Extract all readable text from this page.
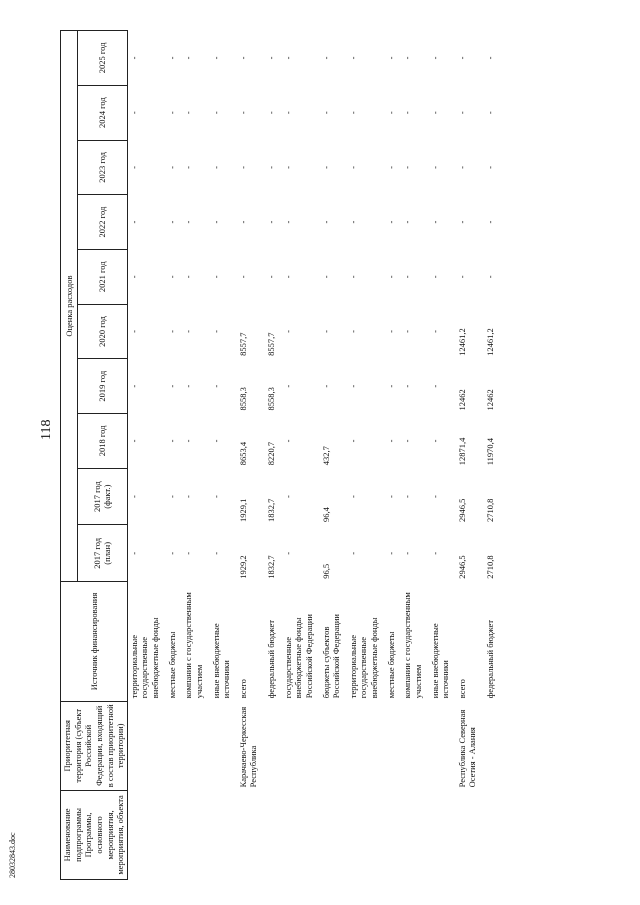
118
28032843.doc	Наименование подпрограммы Программы, основного мероприятия, мероприятия, объекта	Приоритетная территория (субъект Российской Федерации, входящий в состав приоритетной территории)	Источник финансирования	Оценка расходов									
			2017 год (план)	2017 год (факт.)	2018 год	2019 год	2020 год	2021 год	2022 год	2023 год	2024 год	2025 год
		территориальные государственные внебюджетные фонды	-	-	-	-	-	-	-	-	-	-
		местные бюджеты	-	-	-	-	-	-	-	-	-	-
		компании с государственным участием	-	-	-	-	-	-	-	-	-	-
		иные внебюджетные источники	-	-	-	-	-	-	-	-	-	-
	Карачаево-Черкесская Республика	всего	1929,2	1929,1	8653,4	8558,3	8557,7	-	-	-	-	-
		федеральный бюджет	1832,7	1832,7	8220,7	8558,3	8557,7	-	-	-	-	-
		государственные внебюджетные фонды Российской Федерации	-	-	-	-	-	-	-	-	-	-
		бюджеты субъектов Российской Федерации	96,5	96,4	432,7	-	-	-	-	-	-	-
		территориальные государственные внебюджетные фонды	-	-	-	-	-	-	-	-	-	-
		местные бюджеты	-	-	-	-	-	-	-	-	-	-
		компании с государственным участием	-	-	-	-	-	-	-	-	-	-
		иные внебюджетные источники	-	-	-	-	-	-	-	-	-	-
	Республика Северная Осетия - Алания	всего	2946,5	2946,5	12871,4	12462	12461,2	-	-	-	-	-
		федеральный бюджет	2710,8	2710,8	11970,4	12462	12461,2	-	-	-	-	-
